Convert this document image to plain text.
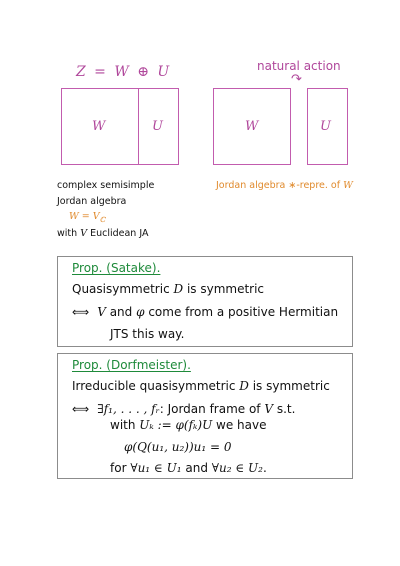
Z = W ⊕ U
W	U
natural action
↷
W	U
complex semisimple
Jordan algebra
$W = V_ℂ$
with V Euclidean JA
Jordan algebra ∗-repre. of W
Prop. (Satake).
Quasisymmetric D is symmetric
⟺ V and φ come from a positive Hermitian
JTS this way.
Prop. (Dorfmeister).
Irreducible quasisymmetric D is symmetric
⟺ ∃f₁, . . . , fᵣ: Jordan frame of V s.t.
with Uₖ := φ(fₖ)U we have
φ(Q(u₁, u₂))u₁ = 0
for ∀u₁ ∈ U₁ and ∀u₂ ∈ U₂.
